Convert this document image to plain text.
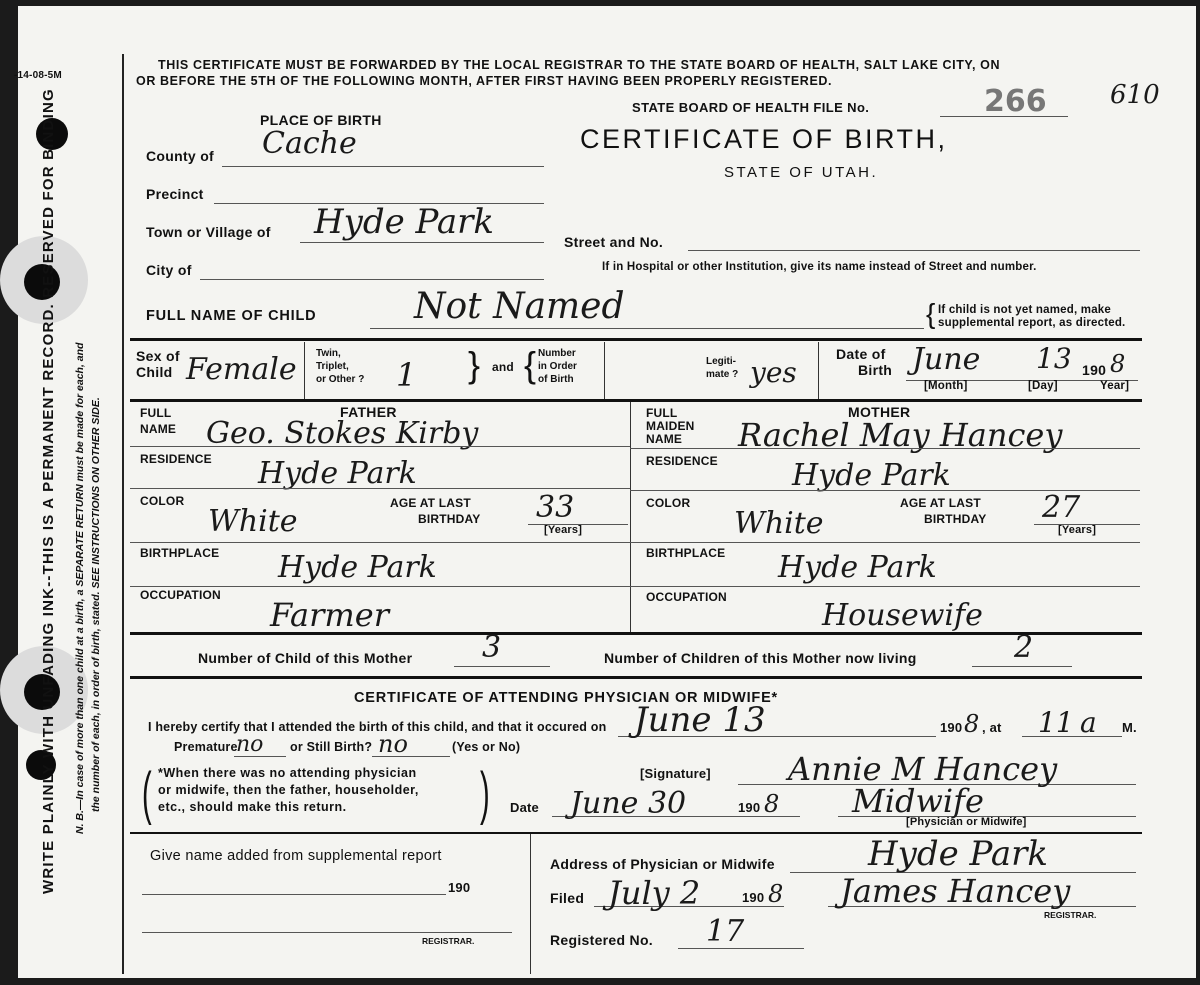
-14-08-5M
WRITE PLAINLY WITH UNFADING INK--THIS IS A PERMANENT RECORD. RESERVED FOR BINDING N. B.—In case of more than one child at a birth, a SEPARATE RETURN must be made for each, and the number of each, in order of birth, stated. SEE INSTRUCTIONS ON OTHER SIDE.
THIS CERTIFICATE MUST BE FORWARDED BY THE LOCAL REGISTRAR TO THE STATE BOARD OF HEALTH, SALT LAKE CITY, ON
OR BEFORE THE 5TH OF THE FOLLOWING MONTH, AFTER FIRST HAVING BEEN PROPERLY REGISTERED.
STATE BOARD OF HEALTH FILE No.	266 610
CERTIFICATE OF BIRTH,
STATE OF UTAH.
PLACE OF BIRTH
County of Cache
Precinct
Town or Village of Hyde Park
City of
Street and No.
If in Hospital or other Institution, give its name instead of Street and number.
FULL NAME OF CHILD	Not Named	{ If child is not yet named, make
supplemental report, as directed.
Sex of
Child Female Twin,
Triplet,
or Other ? 1 } and { Number
in Order
of Birth
Legiti-
mate ? yes
Date of
Birth June 13 190 8
[Month]	[Day]	Year]
FATHER
FULL
NAME Geo. Stokes Kirby
RESIDENCE Hyde Park
COLOR
White
AGE AT LAST
BIRTHDAY 33
[Years]
BIRTHPLACE Hyde Park
OCCUPATION
Farmer
MOTHER
FULL
MAIDEN
NAME Rachel May Hancey
RESIDENCE Hyde Park
COLOR
White
AGE AT LAST
BIRTHDAY 27
[Years]
BIRTHPLACE Hyde Park
OCCUPATION
Housewife
Number of Child of this Mother 3	Number of Children of this Mother now living	2
CERTIFICATE OF ATTENDING PHYSICIAN OR MIDWIFE*
I hereby certify that I attended the birth of this child, and that it occured on June 13	190 8 , at 11 a M.
Premature
no or Still Birth? no	(Yes or No)
( *When there was no attending physician
or midwife, then the father, householder,
etc., should make this return. )	[Signature] Annie M Hancey
Date June 30	190 8 Midwife
[Physician or Midwife]
Give name added from supplemental report
190
REGISTRAR.
Address of Physician or Midwife	Hyde Park
Filed July 2	190 8 James Hancey
REGISTRAR.
Registered No. 17
